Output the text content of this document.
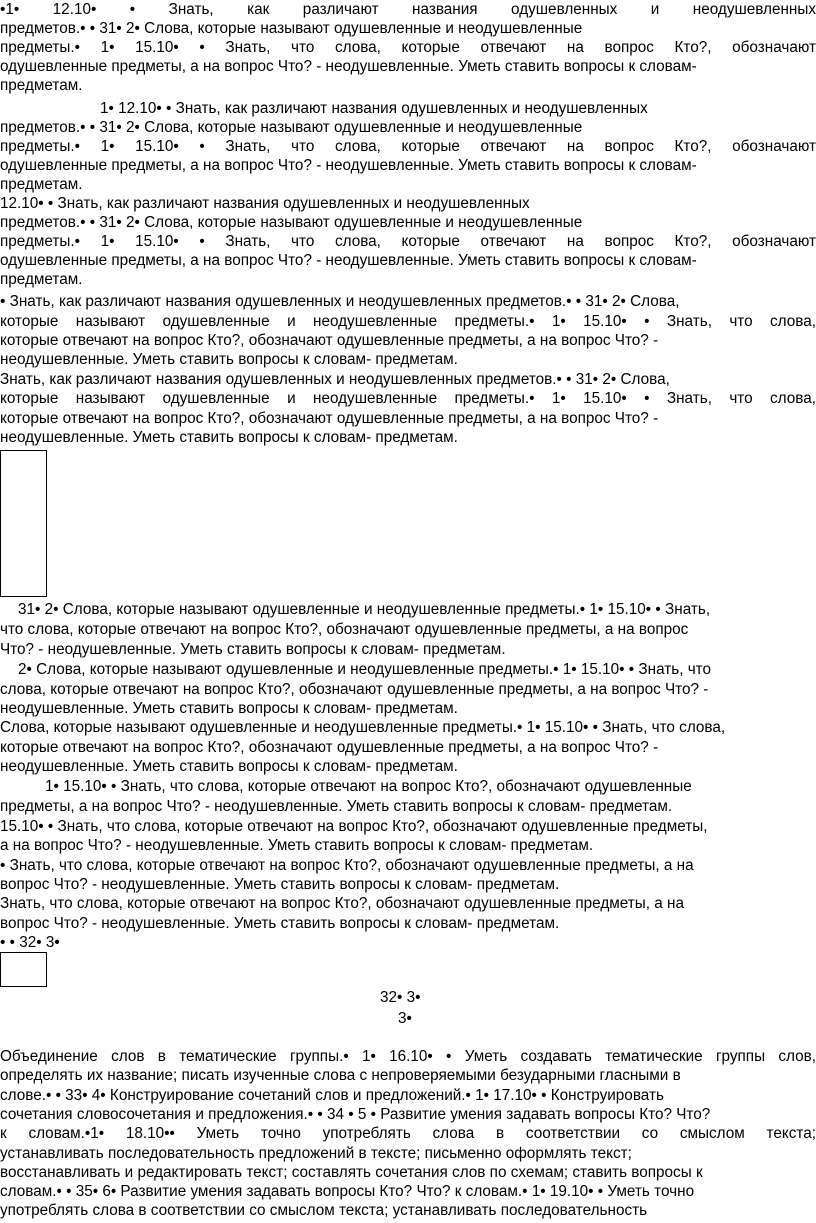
•1• 12.10• • Знать, как различают названия одушевленных и неодушевленных
предметов.• • 31• 2• Слова, которые называют одушевленные и неодушевленные
предметы.• 1• 15.10• • Знать, что слова, которые отвечают на вопрос Кто?, обозначают
одушевленные предметы, а на вопрос Что? - неодушевленные. Уметь ставить вопросы к словам-
предметам.
1• 12.10• • Знать, как различают названия одушевленных и неодушевленных
предметов.• • 31• 2• Слова, которые называют одушевленные и неодушевленные
предметы.• 1• 15.10• • Знать, что слова, которые отвечают на вопрос Кто?, обозначают
одушевленные предметы, а на вопрос Что? - неодушевленные. Уметь ставить вопросы к словам-
предметам.
12.10• • Знать, как различают названия одушевленных и неодушевленных
предметов.• • 31• 2• Слова, которые называют одушевленные и неодушевленные
предметы.• 1• 15.10• • Знать, что слова, которые отвечают на вопрос Кто?, обозначают
одушевленные предметы, а на вопрос Что? - неодушевленные. Уметь ставить вопросы к словам-
предметам.
• Знать, как различают названия одушевленных и неодушевленных предметов.• • 31• 2• Слова,
которые называют одушевленные и неодушевленные предметы.• 1• 15.10• • Знать, что слова,
которые отвечают на вопрос Кто?, обозначают одушевленные предметы, а на вопрос Что? -
неодушевленные. Уметь ставить вопросы к словам- предметам.
Знать, как различают названия одушевленных и неодушевленных предметов.• • 31• 2• Слова,
которые называют одушевленные и неодушевленные предметы.• 1• 15.10• • Знать, что слова,
которые отвечают на вопрос Кто?, обозначают одушевленные предметы, а на вопрос Что? -
неодушевленные. Уметь ставить вопросы к словам- предметам.
31• 2• Слова, которые называют одушевленные и неодушевленные предметы.• 1• 15.10• • Знать,
что слова, которые отвечают на вопрос Кто?, обозначают одушевленные предметы, а на вопрос
Что? - неодушевленные. Уметь ставить вопросы к словам- предметам.
2• Слова, которые называют одушевленные и неодушевленные предметы.• 1• 15.10• • Знать, что
слова, которые отвечают на вопрос Кто?, обозначают одушевленные предметы, а на вопрос Что? -
неодушевленные. Уметь ставить вопросы к словам- предметам.
Слова, которые называют одушевленные и неодушевленные предметы.• 1• 15.10• • Знать, что слова,
которые отвечают на вопрос Кто?, обозначают одушевленные предметы, а на вопрос Что? -
неодушевленные. Уметь ставить вопросы к словам- предметам.
1• 15.10• • Знать, что слова, которые отвечают на вопрос Кто?, обозначают одушевленные
предметы, а на вопрос Что? - неодушевленные. Уметь ставить вопросы к словам- предметам.
15.10• • Знать, что слова, которые отвечают на вопрос Кто?, обозначают одушевленные предметы,
а на вопрос Что? - неодушевленные. Уметь ставить вопросы к словам- предметам.
• Знать, что слова, которые отвечают на вопрос Кто?, обозначают одушевленные предметы, а на
вопрос Что? - неодушевленные. Уметь ставить вопросы к словам- предметам.
Знать, что слова, которые отвечают на вопрос Кто?, обозначают одушевленные предметы, а на
вопрос Что? - неодушевленные. Уметь ставить вопросы к словам- предметам.
• • 32• 3•
32• 3•
3•
Объединение слов в тематические группы.• 1• 16.10• • Уметь создавать тематические группы слов,
определять их название; писать изученные слова с непроверяемыми безударными гласными в
слове.• • 33• 4• Конструирование сочетаний слов и предложений.• 1• 17.10• • Конструировать
сочетания словосочетания и предложения.• • 34 • 5 • Развитие умения задавать вопросы Кто? Что?
к словам.•1• 18.10•• Уметь точно употреблять слова в соответствии со смыслом текста;
устанавливать последовательность предложений в тексте; письменно оформлять текст;
восстанавливать и редактировать текст; составлять сочетания слов по схемам; ставить вопросы к
словам.• • 35• 6• Развитие умения задавать вопросы Кто? Что? к словам.• 1• 19.10• • Уметь точно
употреблять слова в соответствии со смыслом текста; устанавливать последовательность
